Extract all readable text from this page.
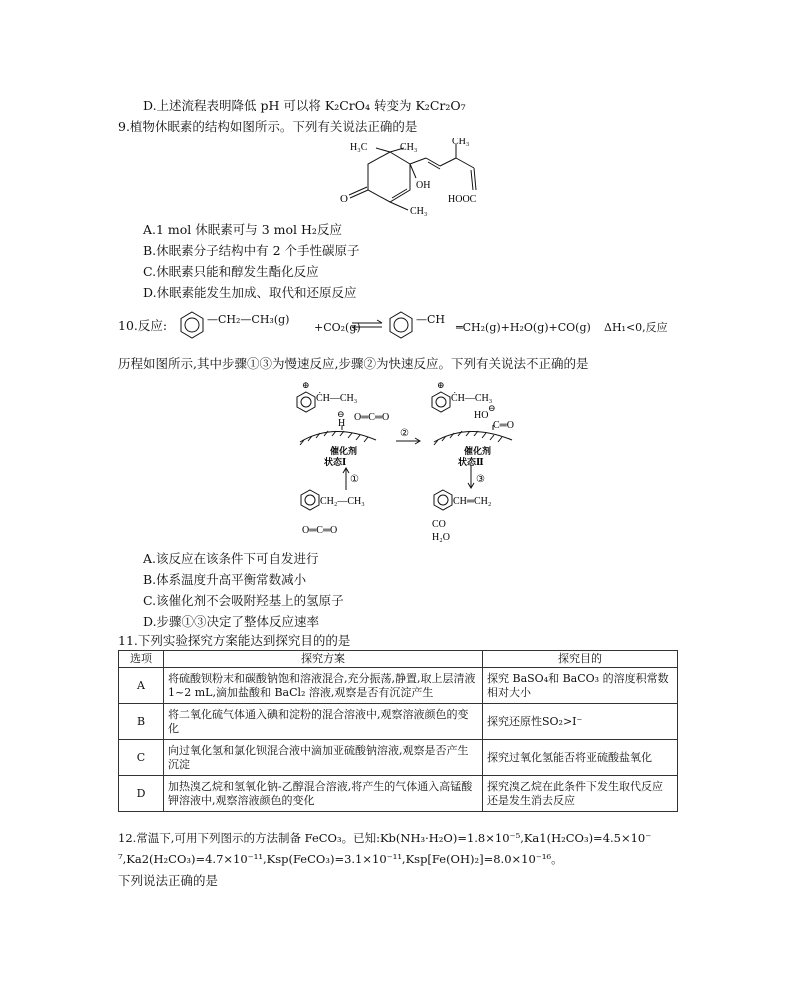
D.上述流程表明降低 pH 可以将 K₂CrO₄ 转变为 K₂Cr₂O₇
9.植物休眠素的结构如图所示。下列有关说法正确的是
H₃C	CH₃
CH₃
OH
CH₃
O	HOOC
A.1 mol 休眠素可与 3 mol H₂反应
B.休眠素分子结构中有 2 个手性碳原子
C.休眠素只能和醇发生酯化反应
D.休眠素能发生加成、取代和还原反应
10.反应:	—CH₂—CH₃(g)
+CO₂(g)
—CH
═CH₂(g)+H₂O(g)+CO(g) ΔH₁<0,反应
历程如图所示,其中步骤①③为慢速反应,步骤②为快速反应。下列有关说法不正确的是
⊕
ĊH—CH₃
⊖
H
O═C═O
催化剂
状态Ⅰ
②
①
⊕
ĊH—CH₃
HO
⊖
C═O
催化剂
状态Ⅱ
③
CH₂—CH₃
O═C═O
CH═CH₂
CO
H₂O
A.该反应在该条件下可自发进行
B.体系温度升高平衡常数减小
C.该催化剂不会吸附羟基上的氢原子
D.步骤①③决定了整体反应速率
11.下列实验探究方案能达到探究目的的是
选项	探究方案	探究目的
A	将硫酸钡粉末和碳酸钠饱和溶液混合,充分振荡,静置,取上层清液 1~2 mL,滴加盐酸和 BaCl₂ 溶液,观察是否有沉淀产生	探究 BaSO₄和 BaCO₃ 的溶度积常数相对大小
B	将二氧化硫气体通入碘和淀粉的混合溶液中,观察溶液颜色的变化	探究还原性SO₂>I⁻
C	向过氧化氢和氯化钡混合液中滴加亚硫酸钠溶液,观察是否产生沉淀	探究过氧化氢能否将亚硫酸盐氧化
D	加热溴乙烷和氢氧化钠-乙醇混合溶液,将产生的气体通入高锰酸钾溶液中,观察溶液颜色的变化	探究溴乙烷在此条件下发生取代反应还是发生消去反应
12.常温下,可用下列图示的方法制备 FeCO₃。已知:Kb(NH₃·H₂O)=1.8×10⁻⁵,Ka1(H₂CO₃)=4.5×10⁻
⁷,Ka2(H₂CO₃)=4.7×10⁻¹¹,Ksp(FeCO₃)=3.1×10⁻¹¹,Ksp[Fe(OH)₂]=8.0×10⁻¹⁶。
下列说法正确的是
